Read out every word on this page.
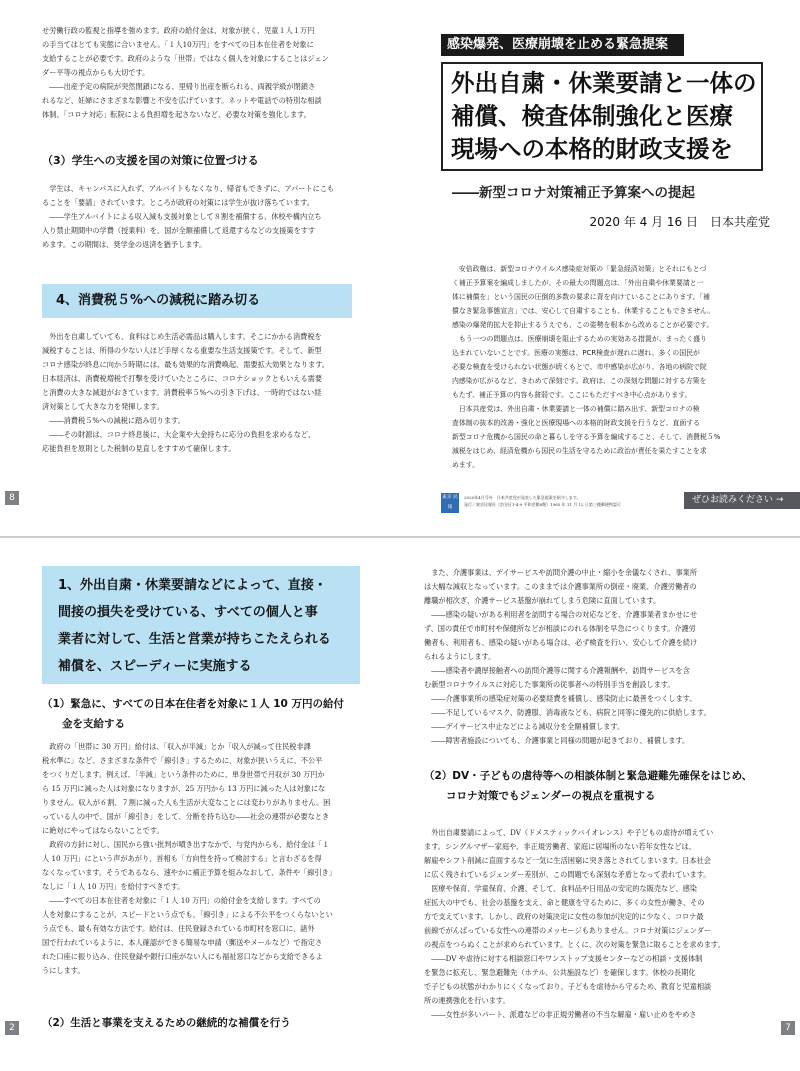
せ労働行政の監視と指導を強めます。政府の給付金は、対象が狭く、児童１人１万円
の手当てはとても実態に合いません。「１人10万円」をすべての日本在住者を対象に
支給することが必要です。政府のような「世帯」ではなく個人を対象にすることはジェン
ダー平等の視点からも大切です。
――出産予定の病院が突然閉鎖になる、里帰り出産を断られる、両親学級が閉鎖さ
れるなど、妊婦にさまざまな影響と不安を広げています。ネットや電話での特別な相談
体制、「コロナ対応」転院による負担増を起さないなど、必要な対策を強化します。
（3）学生への支援を国の対策に位置づける
学生は、キャンパスに入れず、アルバイトもなくなり、帰省もできずに、アパートにこも
ることを「要請」されています。ところが政府の対策には学生が抜け落ちています。
――学生アルバイトによる収入減も支援対象として８割を補償する、休校や構内立ち
入り禁止期間中の学費（授業料）を、国が全額補償して返還するなどの支援策をすす
めます。この期間は、奨学金の返済を猶予します。
4、消費税５%への減税に踏み切る
外出を自粛していても、食料はじめ生活必需品は購入します。そこにかかる消費税を
減税することは、所得の少ない人ほど手厚くなる重要な生活支援策です。そして、新型
コロナ感染が終息に向かう時期には、最も効果的な消費喚起、需要拡大効果となります。
日本経済は、消費税増税で打撃を受けていたところに、コロナショックともいえる需要
と消費の大きな減退がおきています。消費税率５%への引き下げは、一時的ではない経
済対策として大きな力を発揮します。
――消費税５%への減税に踏み切ります。
――その財源は、コロナ終息後に、大企業や大金持ちに応分の負担を求めるなど、
応能負担を原則とした税制の見直しをすすめて確保します。
8
感染爆発、医療崩壊を止める緊急提案
外出自粛・休業要請と一体の
補償、検査体制強化と医療
現場への本格的財政支援を
――新型コロナ対策補正予算案への提起
2020 年 4 月 16 日　日本共産党
安倍政権は、新型コロナウイルス感染症対策の「緊急経済対策」とそれにもとづ
く補正予算案を編成しましたが、その最大の問題点は、「外出自粛や休業要請と一
体に補償を」という国民の圧倒的多数の要求に背を向けていることにあります。「補
償なき緊急事態宣言」では、安心して自粛することも、休業することもできません。
感染の爆発的拡大を抑止するうえでも、この姿勢を根本から改めることが必要です。
もう一つの問題点は、医療崩壊を阻止するための実効ある措置が、まったく盛り
込まれていないことです。医療の実態は、PCR検査が遅れに遅れ、多くの国民が
必要な検査を受けられない状態が続くもとで、市中感染が広がり、各地の病院で院
内感染が広がるなど、きわめて深刻です。政府は、この深刻な問題に対する方策を
もたず、補正予算の内容も貧弱です。ここにもただすべき中心点があります。
日本共産党は、外出自粛・休業要請と一体の補償に踏み出す、新型コロナの検
査体制の抜本的改善・強化と医療現場への本格的財政支援を行うなど、直面する
新型コロナ危機から国民の命と暮らしを守る予算を編成すること、そして、消費税５%
減税をはじめ、経済危機から国民の生活を守るために政治が責任を果たすことを求
めます。
東京 民報
2020年4月号外　日本共産党が発表した緊急提案を紹介します。
発行／東京民報社（渋谷区1-4-9 平和会館8階）1965 年 11 月 12 日第三種郵便物認可	ぜひお読みください →
1、外出自粛・休業要請などによって、直接・
間接の損失を受けている、すべての個人と事
業者に対して、生活と営業が持ちこたえられる
補償を、スピーディーに実施する
（1）緊急に、すべての日本在住者を対象に１人 10 万円の給付
金を支給する
政府の「世帯に 30 万円」給付は、「収入が半減」とか「収入が減って住民税非課
税水準に」など、さまざまな条件で「線引き」するために、対象が狭いうえに、不公平
をつくりだします。例えば、「半減」という条件のために、単身世帯で月収が 30 万円か
ら 15 万円に減った人は対象になりますが、25 万円から 13 万円に減った人は対象にな
りません。収入が６割、７割に減った人も生活が大変なことには変わりがありません。困
っている人の中で、国が「線引き」をして、分断を持ち込む――社会の連帯が必要なとき
に絶対にやってはならないことです。
政府の方針に対し、国民から強い批判が噴き出すなかで、与党内からも、給付金は「１
人 10 万円」にという声があがり、首相も「方向性を持って検討する」と言わざるを得
なくなっています。そうであるなら、速やかに補正予算を組みなおして、条件や「線引き」
なしに「１人 10 万円」を給付すべきです。
――すべての日本在住者を対象に「１人 10 万円」の給付金を支給します。すべての
人を対象にすることが、スピードという点でも、「線引き」による不公平をつくらないとい
う点でも、最も有効な方法です。給付は、住民登録されている市町村を窓口に、諸外
国で行われているように、本人確認ができる簡易な申請（郵送やメールなど）で指定さ
れた口座に振り込み、住民登録や銀行口座がない人にも福祉窓口などから支給できるよ
うにします。
（2）生活と事業を支えるための継続的な補償を行う
2
また、介護事業は、デイサービスや訪問介護の中止・縮小を余儀なくされ、事業所
は大幅な減収となっています。このままでは介護事業所の倒産・廃業、介護労働者の
離職が相次ぎ、介護サービス基盤が崩れてしまう危険に直面しています。
――感染の疑いがある利用者を訪問する場合の対応などを、介護事業者まかせにせ
ず、国の責任で市町村や保健所などが相談にのれる体制を早急につくります。介護労
働者も、利用者も、感染の疑いがある場合は、必ず検査を行い、安心して介護を続け
られるようにします。
――感染者や濃厚接触者への訪問介護等に関する介護報酬や、訪問サービスを含
む新型コロナウイルスに対応した事業所の従事者への特別手当を創設します。
――介護事業所の感染症対策の必要経費を補償し、感染防止に最善をつくします。
――不足しているマスク、防護服、消毒液なども、病院と同等に優先的に供給します。
――デイサービス中止などによる減収分を全額補償します。
――障害者施設についても、介護事業と同様の問題が起きており、補償します。
（2）DV・子どもの虐待等への相談体制と緊急避難先確保をはじめ、
コロナ対策でもジェンダーの視点を重視する
外出自粛要請によって、DV（ドメスティックバイオレンス）や子どもの虐待が増えてい
ます。シングルマザー家庭や、非正規労働者、家庭に居場所のない若年女性などは、
解雇やシフト削減に直面するなど一気に生活困窮に突き落とされてしまいます。日本社会
に広く残されているジェンダー差別が、この問題でも深刻な矛盾となって表れています。
医療や保育、学童保育、介護、そして、食料品や日用品の安定的な販売など、感染
症拡大の中でも、社会の基盤を支え、命と健康を守るために、多くの女性が働き、その
方で支えています。しかし、政府の対策決定に女性の参加が決定的に少なく、コロナ最
前線でがんばっている女性への連帯のメッセージもありません。コロナ対策にジェンダー
の視点をつらぬくことが求められています。とくに、次の対策を緊急に取ることを求めます。
――DV や虐待に対する相談窓口やワンストップ支援センターなどの相談・支援体制
を緊急に拡充し、緊急避難先（ホテル、公共施設など）を確保します。休校の長期化
で子どもの状態がわかりにくくなっており、子どもを虐待から守るため、教育と児童相談
所の連携強化を行います。
――女性が多いパート、派遣などの非正規労働者の不当な解雇・雇い止めをやめさ
7
